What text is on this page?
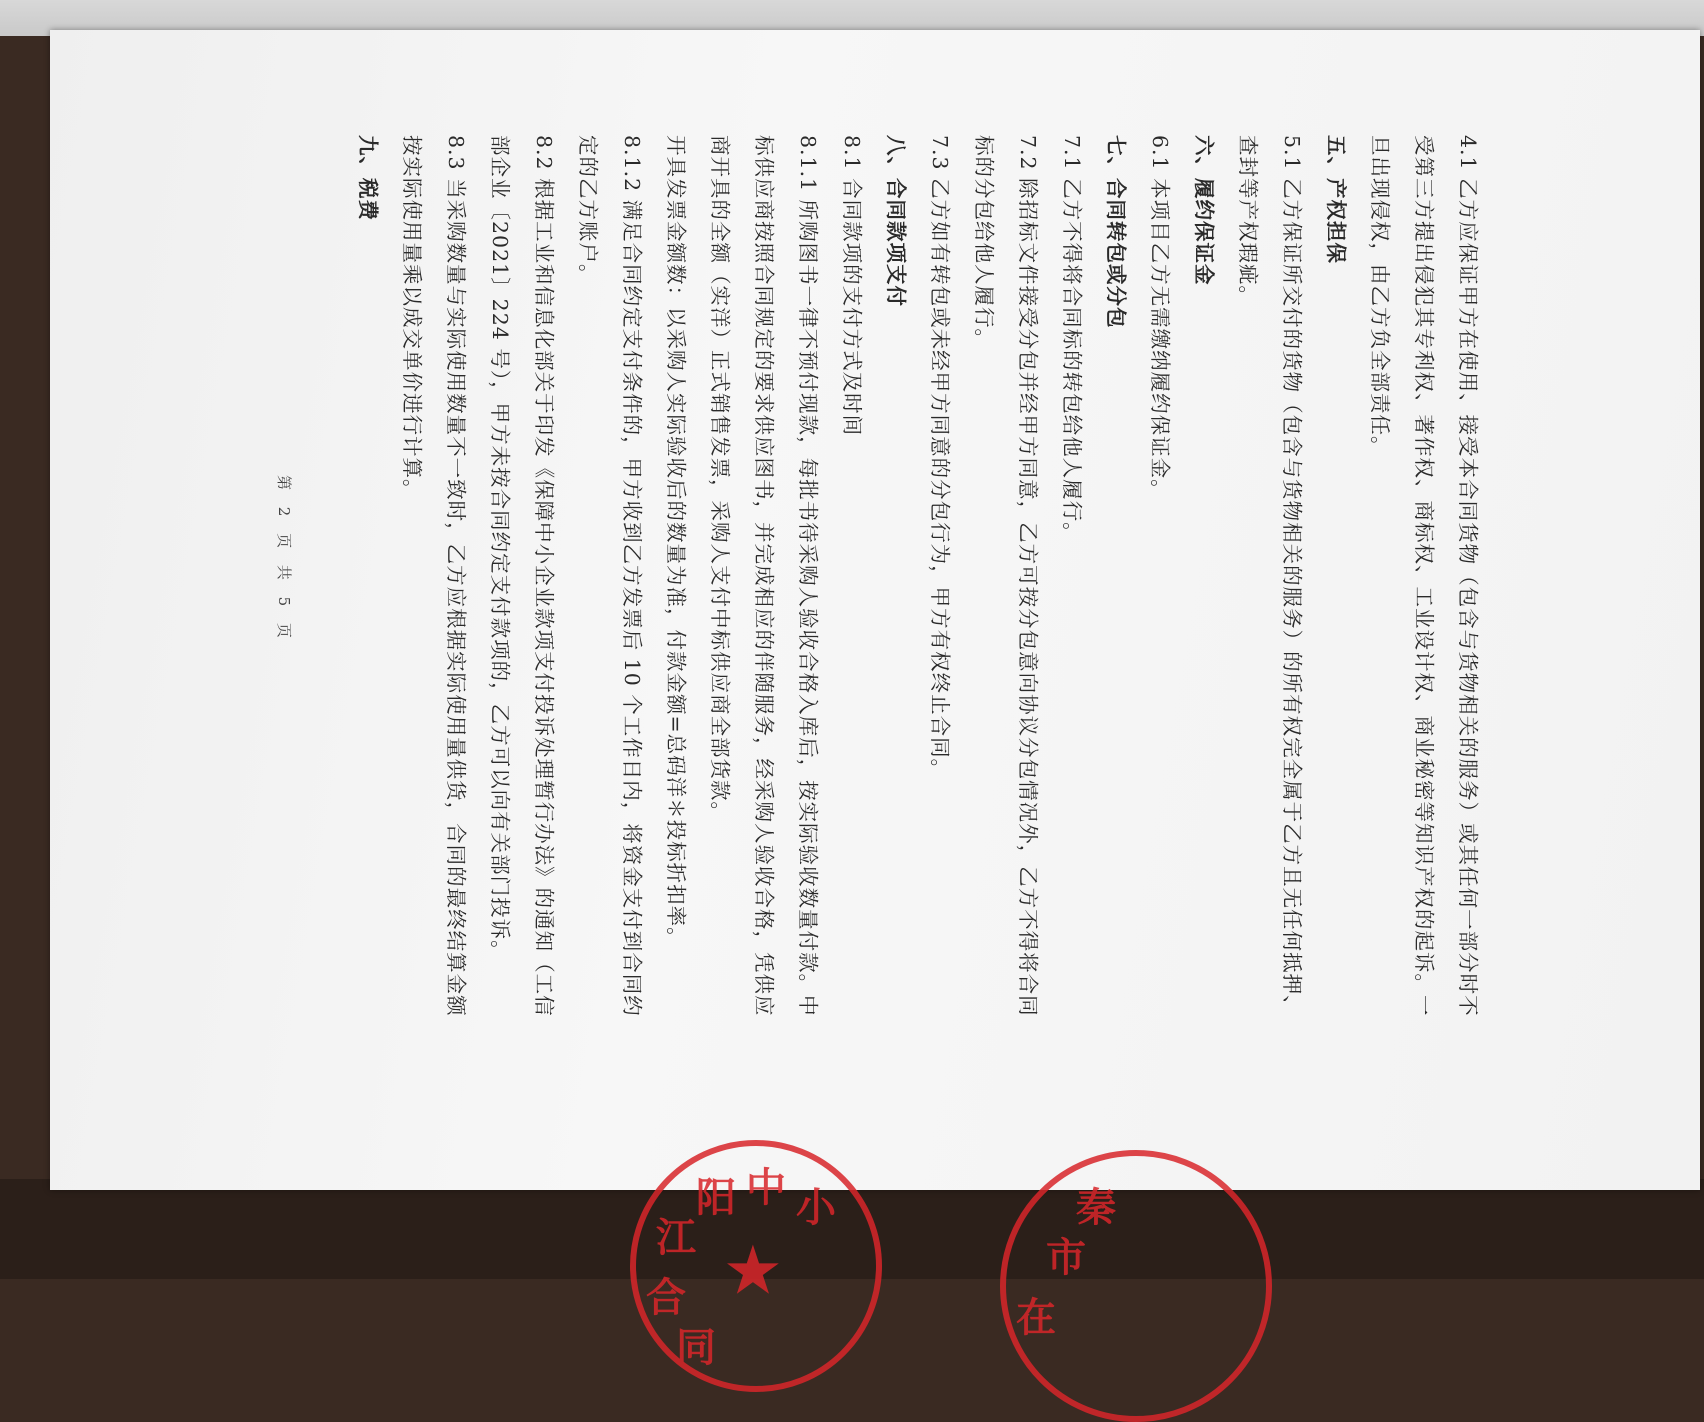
江
阳 中 小
合
同
★
秦
市
在
4.1 乙方应保证甲方在使用、接受本合同货物（包含与货物相关的服务）或其任何一部分时不
受第三方提出侵犯其专利权、著作权、商标权、工业设计权、商业秘密等知识产权的起诉。一
旦出现侵权，由乙方负全部责任。
五、产权担保
5.1 乙方保证所交付的货物（包含与货物相关的服务）的所有权完全属于乙方且无任何抵押、
查封等产权瑕疵。
六、履约保证金
6.1 本项目乙方无需缴纳履约保证金。
七、合同转包或分包
7.1 乙方不得将合同标的转包给他人履行。
7.2 除招标文件接受分包并经甲方同意，乙方可按分包意向协议分包情况外，乙方不得将合同
标的分包给他人履行。
7.3 乙方如有转包或未经甲方同意的分包行为，甲方有权终止合同。
八、合同款项支付
8.1 合同款项的支付方式及时间
8.1.1 所购图书一律不预付现款，每批书待采购人验收合格入库后，按实际验收数量付款。中
标供应商按照合同规定的要求供应图书，并完成相应的伴随服务，经采购人验收合格，凭供应
商开具的全额（实洋）正式销售发票，采购人支付中标供应商全部货款。
开具发票金额数：以采购人实际验收后的数量为准，付款金额=总码洋＊投标折扣率。
8.1.2 满足合同约定支付条件的，甲方收到乙方发票后 10 个工作日内，将资金支付到合同约
定的乙方账户。
8.2 根据工业和信息化部关于印发《保障中小企业款项支付投诉处理暂行办法》的通知（工信
部企业〔2021〕224 号），甲方未按合同约定支付款项的，乙方可以向有关部门投诉。
8.3 当采购数量与实际使用数量不一致时，乙方应根据实际使用量供货，合同的最终结算金额
按实际使用量乘以成交单价进行计算。
九、税费
第 2 页 共 5 页
